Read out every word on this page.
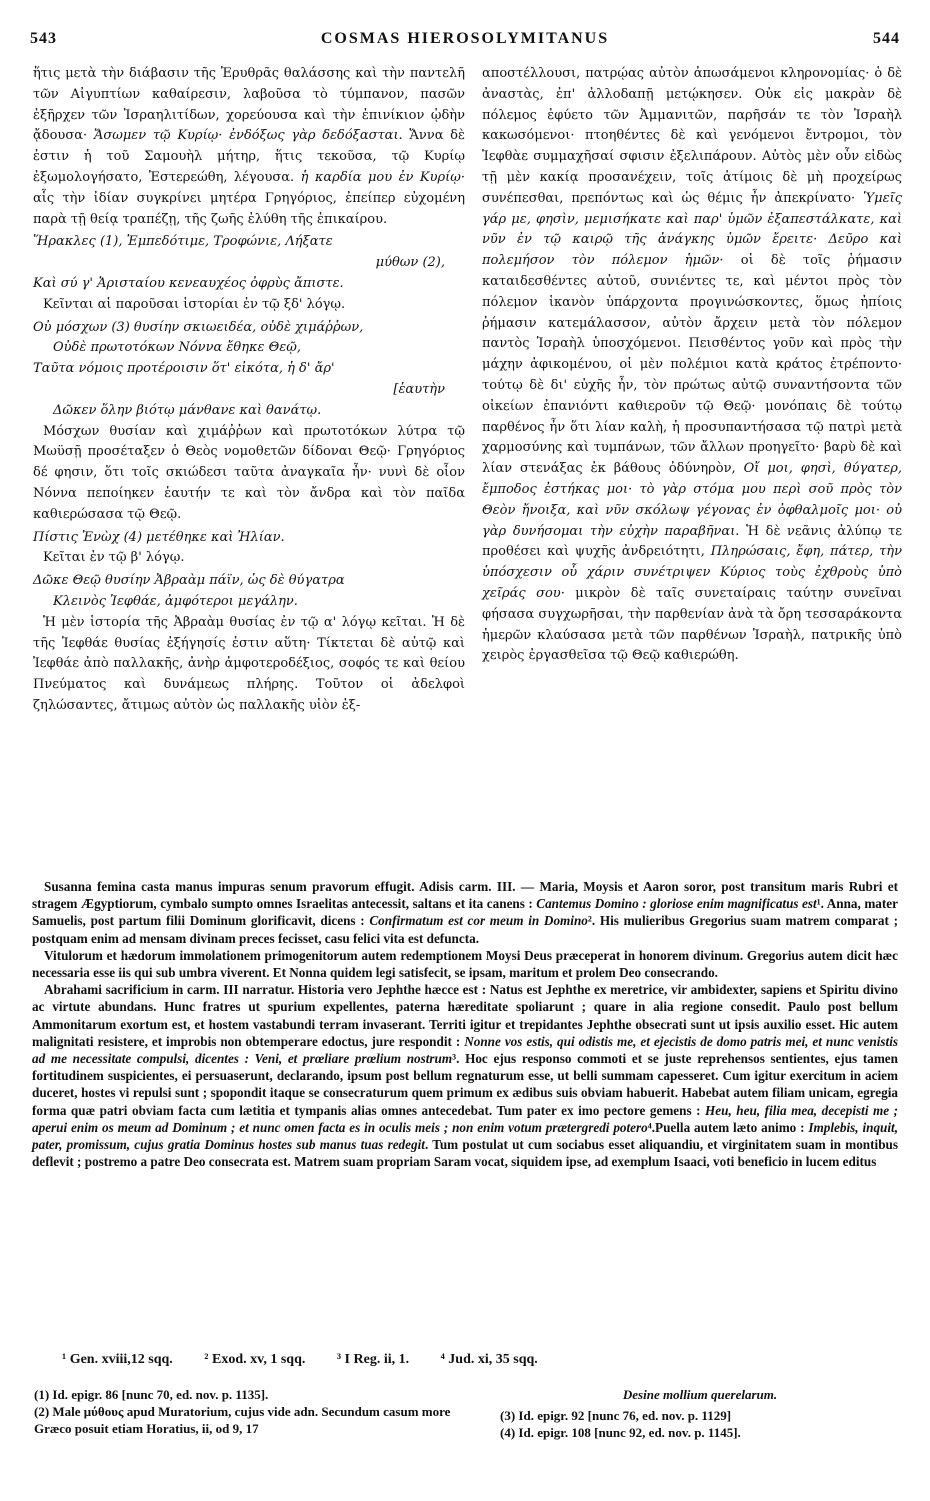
543	COSMAS HIEROSOLYMITANUS	544

ἥτις μετὰ τὴν διάβασιν τῆς Ἐρυθρᾶς θαλάσσης καὶ τὴν παντελῆ τῶν Αἰγυπτίων καθαίρεσιν, λαβοῦσα τὸ τύμπανον, πασῶν ἐξῆρχεν τῶν Ἰσραηλιτίδων, χορεύουσα καὶ τὴν ἐπινίκιον ᾠδὴν ᾄδουσα· Ἄσωμεν τῷ Κυρίῳ· ἐνδόξως γὰρ δεδόξασται. Ἄννα δὲ ἐστιν ἡ τοῦ Σαμουὴλ μήτηρ, ἥτις τεκοῦσα, τῷ Κυρίῳ ἐξωμολογήσατο, Ἐστερεώθη, λέγουσα. ἡ καρδία μου ἐν Κυρίῳ· αἷς τὴν ἰδίαν συγκρίνει μητέρα Γρηγόριος, ἐπείπερ εὐχομένη παρὰ τῇ θείᾳ τραπέζῃ, τῆς ζωῆς ἐλύθη τῆς ἐπικαίρου.

Ἥρακλες (1), Ἐμπεδότιμε, Τροφώνιε, Λήξατε
μύθων (2),
Καὶ σύ γ' Ἀρισταίου κενεαυχέος ὀφρὺς ἄπιστε.

Κεῖνται αἱ παροῦσαι ἱστορίαι ἐν τῷ ξδ' λόγῳ.

Οὐ μόσχων (3) θυσίην σκιωειδέα, οὐδὲ χιμάῤῥων,
Οὐδὲ πρωτοτόκων Νόννα ἔθηκε Θεῷ,
Ταῦτα νόμοις προτέροισιν ὅτ' εἰκότα, ἡ δ' ἄρ'
[ἑαυτὴν
Δῶκεν ὅλην βιότῳ μάνθανε καὶ θανάτῳ.

Μόσχων θυσίαν καὶ χιμάῤῥων καὶ πρωτοτόκων λύτρα τῷ Μωϋσῇ προσέταξεν ὁ Θεὸς νομοθετῶν δίδοναι Θεῷ· Γρηγόριος δέ φησιν, ὅτι τοῖς σκιώδεσι ταῦτα ἀναγκαῖα ἦν· νυνὶ δὲ οἷον Νόννα πεποίηκεν ἑαυτήν τε καὶ τὸν ἄνδρα καὶ τὸν παῖδα καθιερώσασα τῷ Θεῷ.

Πίστις Ἐνὼχ (4) μετέθηκε καὶ Ἠλίαν.

Κεῖται ἐν τῷ β' λόγῳ.

Δῶκε Θεῷ θυσίην Ἀβραὰμ πάϊν, ὡς δὲ θύγατρα
Κλεινὸς Ἰεφθάε, ἀμφότεροι μεγάλην.

Ἡ μὲν ἱστορία τῆς Ἀβραὰμ θυσίας ἐν τῷ α' λόγῳ κεῖται. Ἡ δὲ τῆς Ἰεφθάε θυσίας ἐξήγησίς ἐστιν αὕτη· Τίκτεται δὲ αὐτῷ καὶ Ἰεφθάε ἀπὸ παλλακῆς, ἀνὴρ ἀμφοτεροδέξιος, σοφός τε καὶ θείου Πνεύματος καὶ δυνάμεως πλήρης. Τοῦτον οἱ ἀδελφοὶ ζηλώσαντες, ἄτιμως αὐτὸν ὡς παλλακῆς υἱὸν ἐξ-

αποστέλλουσι, πατρῴας αὐτὸν ἀπωσάμενοι κληρονομίας· ὁ δὲ ἀναστὰς, ἐπ' ἀλλοδαπῇ μετῴκησεν. Οὐκ εἰς μακρὰν δὲ πόλεμος ἐφύετο τῶν Ἀμμανιτῶν, παρῆσάν τε τὸν Ἰσραὴλ κακωσόμενοι· πτοηθέντες δὲ καὶ γενόμενοι ἔντρομοι, τὸν Ἰεφθὰε συμμαχῆσαί σφισιν ἐξελιπάρουν. Αὐτὸς μὲν οὖν εἰδὼς τῇ μὲν κακίᾳ προσανέχειν, τοῖς ἀτίμοις δὲ μὴ προχείρως συνέπεσθαι, πρεπόντως καὶ ὡς θέμις ἦν ἀπεκρίνατο· Ὑμεῖς γάρ με, φησὶν, μεμισήκατε καὶ παρ' ὑμῶν ἐξαπεστάλκατε, καὶ νῦν ἐν τῷ καιρῷ τῆς ἀνάγκης ὑμῶν ἔρειτε· Δεῦρο καὶ πολεμήσον τὸν πόλεμον ἡμῶν· οἱ δὲ τοῖς ῥήμασιν καταιδεσθέντες αὐτοῦ, συνιέντες τε, καὶ μέντοι πρὸς τὸν πόλεμον ἱκανὸν ὑπάρχοντα προγινώσκοντες, ὅμως ἠπίοις ῥήμασιν κατεμάλασσον, αὐτὸν ἄρχειν μετὰ τὸν πόλεμον παντὸς Ἰσραὴλ ὑποσχόμενοι. Πεισθέντος γοῦν καὶ πρὸς τὴν μάχην ἀφικομένου, οἱ μὲν πολέμιοι κατὰ κράτος ἐτρέποντο· τούτῳ δὲ δι' εὐχῆς ἦν, τὸν πρώτως αὐτῷ συναντήσοντα τῶν οἰκείων ἐπανιόντι καθιεροῦν τῷ Θεῷ· μονόπαις δὲ τούτῳ παρθένος ἦν ὅτι λίαν καλὴ, ἡ προσυπαντήσασα τῷ πατρὶ μετὰ χαρμοσύνης καὶ τυμπάνων, τῶν ἄλλων προηγεῖτο· βαρὺ δὲ καὶ λίαν στενάξας ἐκ βάθους ὀδύνηρὸν, Οἴ μοι, φησὶ, θύγατερ, ἔμποδος ἐστήκας μοι· τὸ γὰρ στόμα μου περὶ σοῦ πρὸς τὸν Θεὸν ἤνοιξα, καὶ νῦν σκόλωψ γέγονας ἐν ὀφθαλμοῖς μοι· οὐ γὰρ δυνήσομαι τὴν εὐχὴν παραβῆναι. Ἡ δὲ νεᾶνις ἀλύπῳ τε προθέσει καὶ ψυχῆς ἀνδρειότητι, Πληρώσαις, ἔφη, πάτερ, τὴν ὑπόσχεσιν οὗ χάριν συνέτριψεν Κύριος τοὺς ἐχθροὺς ὑπὸ χεῖράς σου· μικρὸν δὲ ταῖς συνεταίραις ταύτην συνεῖναι φήσασα συγχωρῆσαι, τὴν παρθενίαν ἀνὰ τὰ ὄρη τεσσαράκοντα ἡμερῶν κλαύσασα μετὰ τῶν παρθένων Ἰσραὴλ, πατρικῆς ὑπὸ χειρὸς ἐργασθεῖσα τῷ Θεῷ καθιερώθη.

Susanna femina casta manus impuras senum pravorum effugit. Adisis carm. III. — Maria, Moysis et Aaron soror, post transitum maris Rubri et stragem Ægyptiorum, cymbalo sumpto omnes Israelitas antecessit, saltans et ita canens : Cantemus Domino : gloriose enim magnificatus est¹. Anna, mater Samuelis, post partum filii Dominum glorificavit, dicens : Confirmatum est cor meum in Domino². His mulieribus Gregorius suam matrem comparat ; postquam enim ad mensam divinam preces fecisset, casu felici vita est defuncta.

Vitulorum et hædorum immolationem primogenitorum autem redemptionem Moysi Deus præceperat in honorem divinum. Gregorius autem dicit hæc necessaria esse iis qui sub umbra viverent. Et Nonna quidem legi satisfecit, se ipsam, maritum et prolem Deo consecrando.

Abrahami sacrificium in carm. III narratur. Historia vero Jephthe hæcce est : Natus est Jephthe ex meretrice, vir ambidexter, sapiens et Spiritu divino ac virtute abundans. Hunc fratres ut spurium expellentes, paterna hæreditate spoliarunt ; quare in alia regione consedit. Paulo post bellum Ammonitarum exortum est, et hostem vastabundi terram invaserant. Territi igitur et trepidantes Jephthe obsecrati sunt ut ipsis auxilio esset. Hic autem malignitati resistere, et improbis non obtemperare edoctus, jure respondit : Nonne vos estis, qui odistis me, et ejecistis de domo patris mei, et nunc venistis ad me necessitate compulsi, dicentes : Veni, et prœliare prœlium nostrum³. Hoc ejus responso commoti et se juste reprehensos sentientes, ejus tamen fortitudinem suspicientes, ei persuaserunt, declarando, ipsum post bellum regnaturum esse, ut belli summam capesseret. Cum igitur exercitum in aciem duceret, hostes vi repulsi sunt ; spopondit itaque se consecraturum quem primum ex ædibus suis obviam habuerit. Habebat autem filiam unicam, egregia forma quæ patri obviam facta cum lætitia et tympanis alias omnes antecedebat. Tum pater ex imo pectore gemens : Heu, heu, filia mea, decepisti me ; aperui enim os meum ad Dominum ; et nunc omen facta es in oculis meis ; non enim votum prætergredi potero⁴.Puella autem læto animo : Implebis, inquit, pater, promissum, cujus gratia Dominus hostes sub manus tuas redegit. Tum postulat ut cum sociabus esset aliquandiu, et virginitatem suam in montibus deflevit ; postremo a patre Deo consecrata est. Matrem suam propriam Saram vocat, siquidem ipse, ad exemplum Isaaci, voti beneficio in lucem editus

¹ Gen. xviii,12 sqq. ² Exod. xv, 1 sqq. ³ I Reg. ii, 1. ⁴ Jud. xi, 35 sqq.

(1) Id. epigr. 86 [nunc 70, ed. nov. p. 1135].

(2) Male μύθους apud Muratorium, cujus vide adn. Secundum casum more Græco posuit etiam Horatius, ii, od 9, 17

Desine mollium querelarum.

(3) Id. epigr. 92 [nunc 76, ed. nov. p. 1129]

(4) Id. epigr. 108 [nunc 92, ed. nov. p. 1145].
